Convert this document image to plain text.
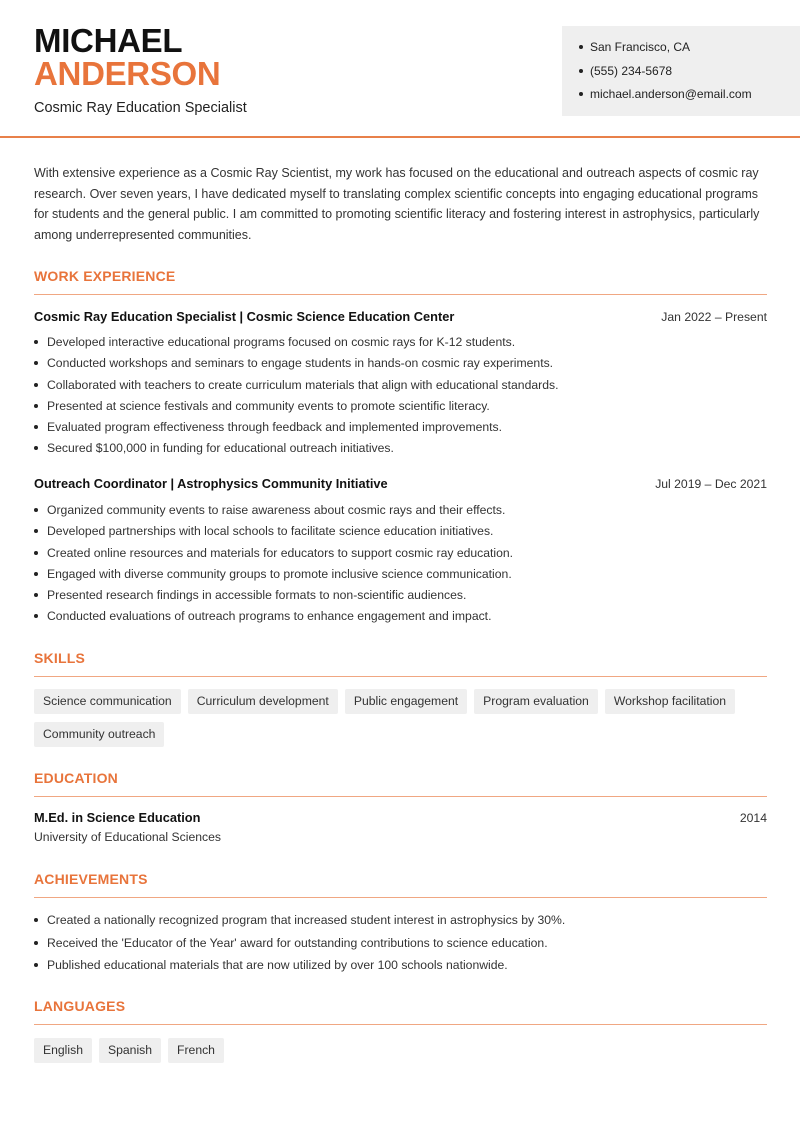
MICHAEL
ANDERSON
Cosmic Ray Education Specialist
San Francisco, CA
(555) 234-5678
michael.anderson@email.com

With extensive experience as a Cosmic Ray Scientist, my work has focused on the educational and outreach aspects of cosmic ray research. Over seven years, I have dedicated myself to translating complex scientific concepts into engaging educational programs for students and the general public. I am committed to promoting scientific literacy and fostering interest in astrophysics, particularly among underrepresented communities.

WORK EXPERIENCE
Cosmic Ray Education Specialist | Cosmic Science Education Center	Jan 2022 – Present
Developed interactive educational programs focused on cosmic rays for K-12 students.
Conducted workshops and seminars to engage students in hands-on cosmic ray experiments.
Collaborated with teachers to create curriculum materials that align with educational standards.
Presented at science festivals and community events to promote scientific literacy.
Evaluated program effectiveness through feedback and implemented improvements.
Secured $100,000 in funding for educational outreach initiatives.
Outreach Coordinator | Astrophysics Community Initiative	Jul 2019 – Dec 2021
Organized community events to raise awareness about cosmic rays and their effects.
Developed partnerships with local schools to facilitate science education initiatives.
Created online resources and materials for educators to support cosmic ray education.
Engaged with diverse community groups to promote inclusive science communication.
Presented research findings in accessible formats to non-scientific audiences.
Conducted evaluations of outreach programs to enhance engagement and impact.
SKILLS
Science communication	Curriculum development	Public engagement	Program evaluation	Workshop facilitation
Community outreach
EDUCATION
M.Ed. in Science Education	2014
University of Educational Sciences
ACHIEVEMENTS
Created a nationally recognized program that increased student interest in astrophysics by 30%.
Received the 'Educator of the Year' award for outstanding contributions to science education.
Published educational materials that are now utilized by over 100 schools nationwide.
LANGUAGES
English	Spanish	French
